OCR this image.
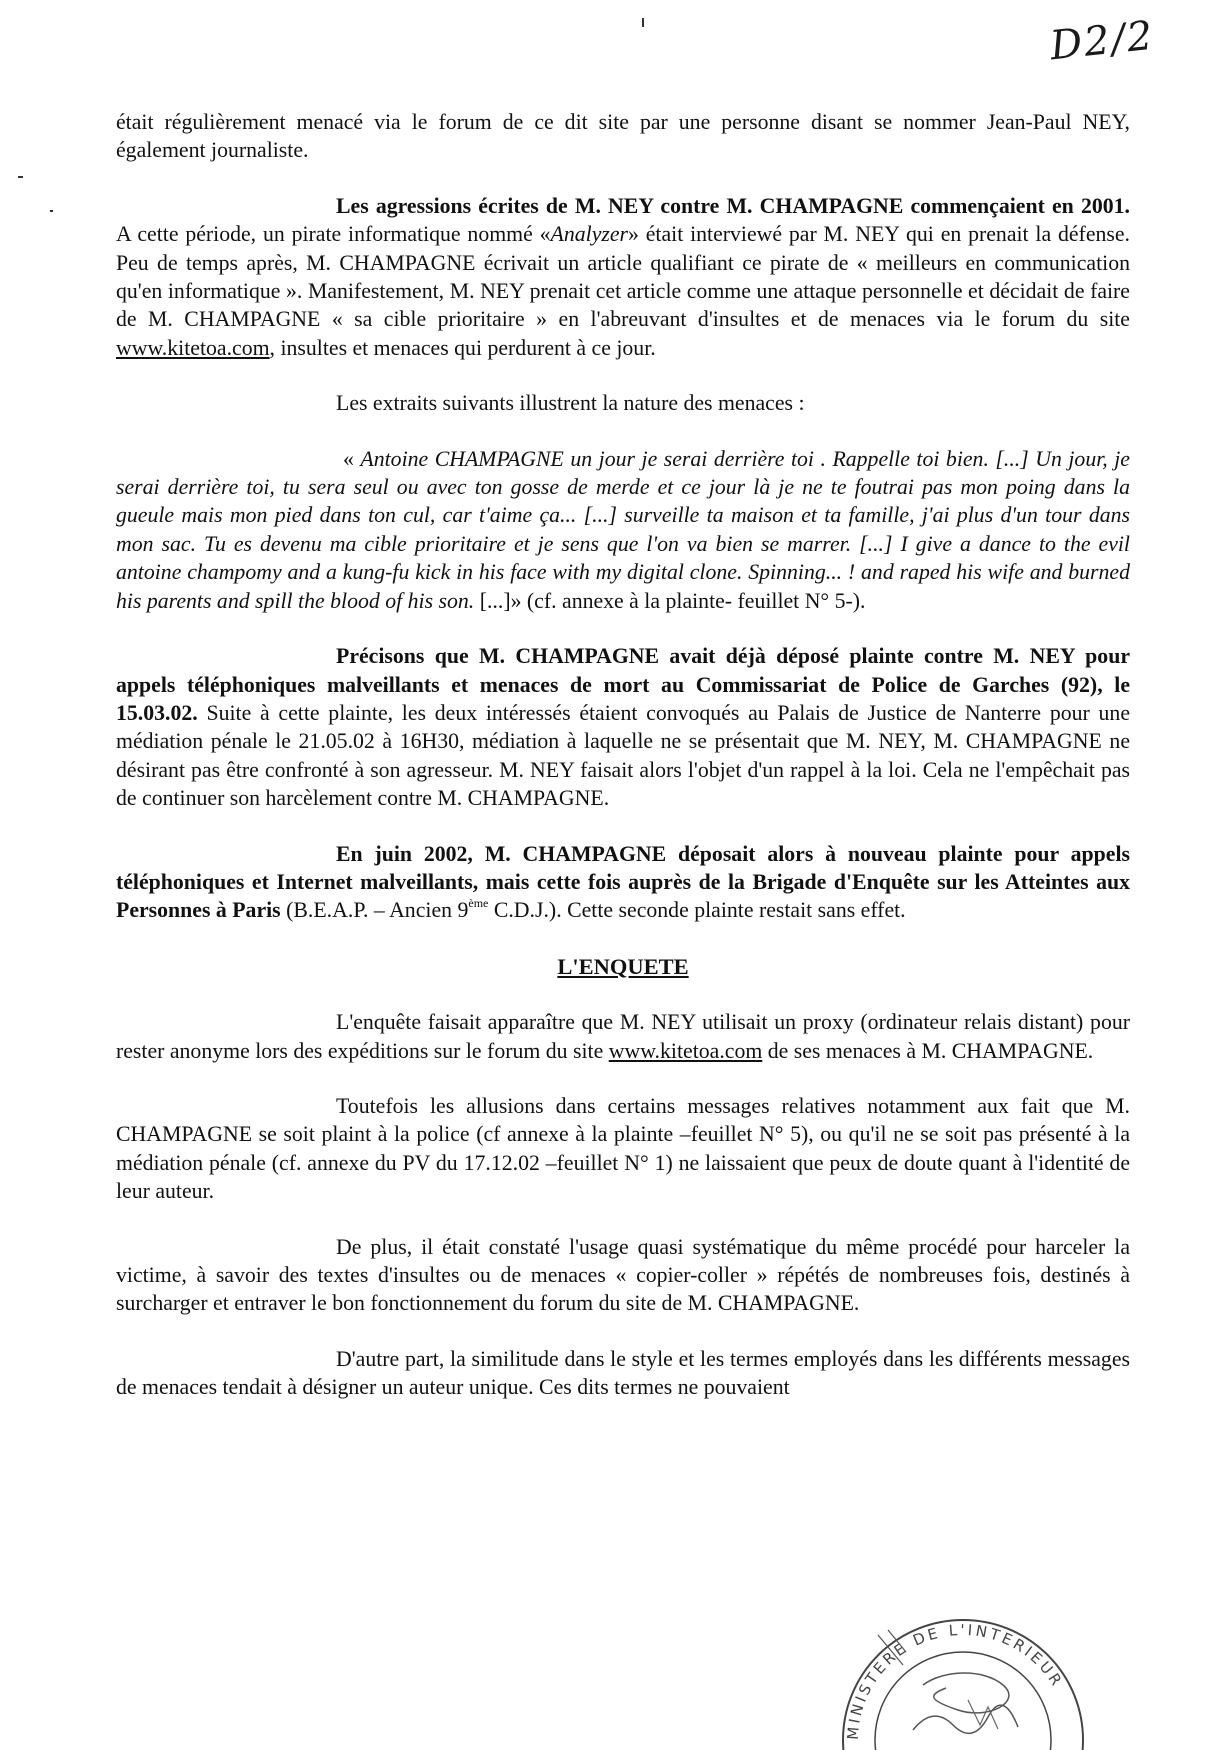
D2/2

était régulièrement menacé via le forum de ce dit site par une personne disant se nommer Jean-Paul NEY, également journaliste.

Les agressions écrites de M. NEY contre M. CHAMPAGNE commençaient en 2001. A cette période, un pirate informatique nommé «Analyzer» était interviewé par M. NEY qui en prenait la défense. Peu de temps après, M. CHAMPAGNE écrivait un article qualifiant ce pirate de « meilleurs en communication qu'en informatique ». Manifestement, M. NEY prenait cet article comme une attaque personnelle et décidait de faire de M. CHAMPAGNE « sa cible prioritaire » en l'abreuvant d'insultes et de menaces via le forum du site www.kitetoa.com, insultes et menaces qui perdurent à ce jour.

Les extraits suivants illustrent la nature des menaces :

« Antoine CHAMPAGNE un jour je serai derrière toi . Rappelle toi bien. [...] Un jour, je serai derrière toi, tu sera seul ou avec ton gosse de merde et ce jour là je ne te foutrai pas mon poing dans la gueule mais mon pied dans ton cul, car t'aime ça... [...] surveille ta maison et ta famille, j'ai plus d'un tour dans mon sac. Tu es devenu ma cible prioritaire et je sens que l'on va bien se marrer. [...] I give a dance to the evil antoine champomy and a kung-fu kick in his face with my digital clone. Spinning... ! and raped his wife and burned his parents and spill the blood of his son. [...]» (cf. annexe à la plainte- feuillet N° 5-).

Précisons que M. CHAMPAGNE avait déjà déposé plainte contre M. NEY pour appels téléphoniques malveillants et menaces de mort au Commissariat de Police de Garches (92), le 15.03.02. Suite à cette plainte, les deux intéressés étaient convoqués au Palais de Justice de Nanterre pour une médiation pénale le 21.05.02 à 16H30, médiation à laquelle ne se présentait que M. NEY, M. CHAMPAGNE ne désirant pas être confronté à son agresseur. M. NEY faisait alors l'objet d'un rappel à la loi. Cela ne l'empêchait pas de continuer son harcèlement contre M. CHAMPAGNE.

En juin 2002, M. CHAMPAGNE déposait alors à nouveau plainte pour appels téléphoniques et Internet malveillants, mais cette fois auprès de la Brigade d'Enquête sur les Atteintes aux Personnes à Paris (B.E.A.P. – Ancien 9ème C.D.J.). Cette seconde plainte restait sans effet.

L'ENQUETE

L'enquête faisait apparaître que M. NEY utilisait un proxy (ordinateur relais distant) pour rester anonyme lors des expéditions sur le forum du site www.kitetoa.com de ses menaces à M. CHAMPAGNE.

Toutefois les allusions dans certains messages relatives notamment aux fait que M. CHAMPAGNE se soit plaint à la police (cf annexe à la plainte –feuillet N° 5), ou qu'il ne se soit pas présenté à la médiation pénale (cf. annexe du PV du 17.12.02 –feuillet N° 1) ne laissaient que peux de doute quant à l'identité de leur auteur.

De plus, il était constaté l'usage quasi systématique du même procédé pour harceler la victime, à savoir des textes d'insultes ou de menaces « copier-coller » répétés de nombreuses fois, destinés à surcharger et entraver le bon fonctionnement du forum du site de M. CHAMPAGNE.

D'autre part, la similitude dans le style et les termes employés dans les différents messages de menaces tendait à désigner un auteur unique. Ces dits termes ne pouvaient

MINISTERE DE L'INTERIEUR
